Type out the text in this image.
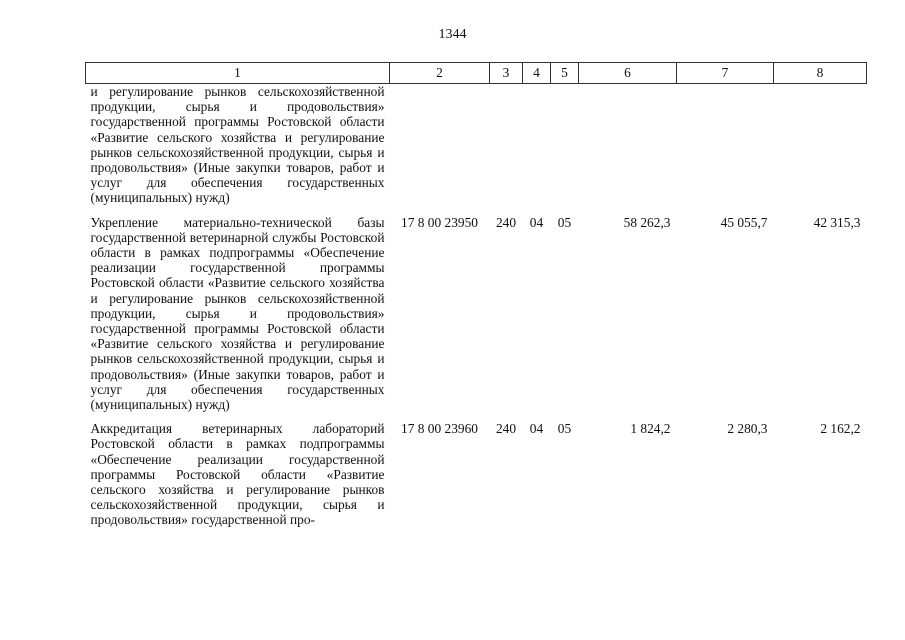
1344
1	2	3	4	5	6	7	8
и регулирование рынков сельскохозяйственной продукции, сырья и продовольствия» государственной программы Ростовской области «Развитие сельского хозяйства и регулирование рынков сельскохозяйственной продукции, сырья и продовольствия» (Иные закупки товаров, работ и услуг для обеспечения государственных (муниципальных) нужд)							
Укрепление материально-технической базы государственной ветеринарной службы Ростовской области в рамках подпрограммы «Обеспечение реализации государственной программы Ростовской области «Развитие сельского хозяйства и регулирование рынков сельскохозяйственной продукции, сырья и продовольствия» государственной программы Ростовской области «Развитие сельского хозяйства и регулирование рынков сельскохозяйственной продукции, сырья и продовольствия» (Иные закупки товаров, работ и услуг для обеспечения государственных (муниципальных) нужд)	17 8 00 23950	240	04	05	58 262,3	45 055,7	42 315,3
Аккредитация ветеринарных лабораторий Ростовской области в рамках подпрограммы «Обеспечение реализации государственной программы Ростовской области «Развитие сельского хозяйства и регулирование рынков сельскохозяйственной продукции, сырья и продовольствия» государственной про-	17 8 00 23960	240	04	05	1 824,2	2 280,3	2 162,2
